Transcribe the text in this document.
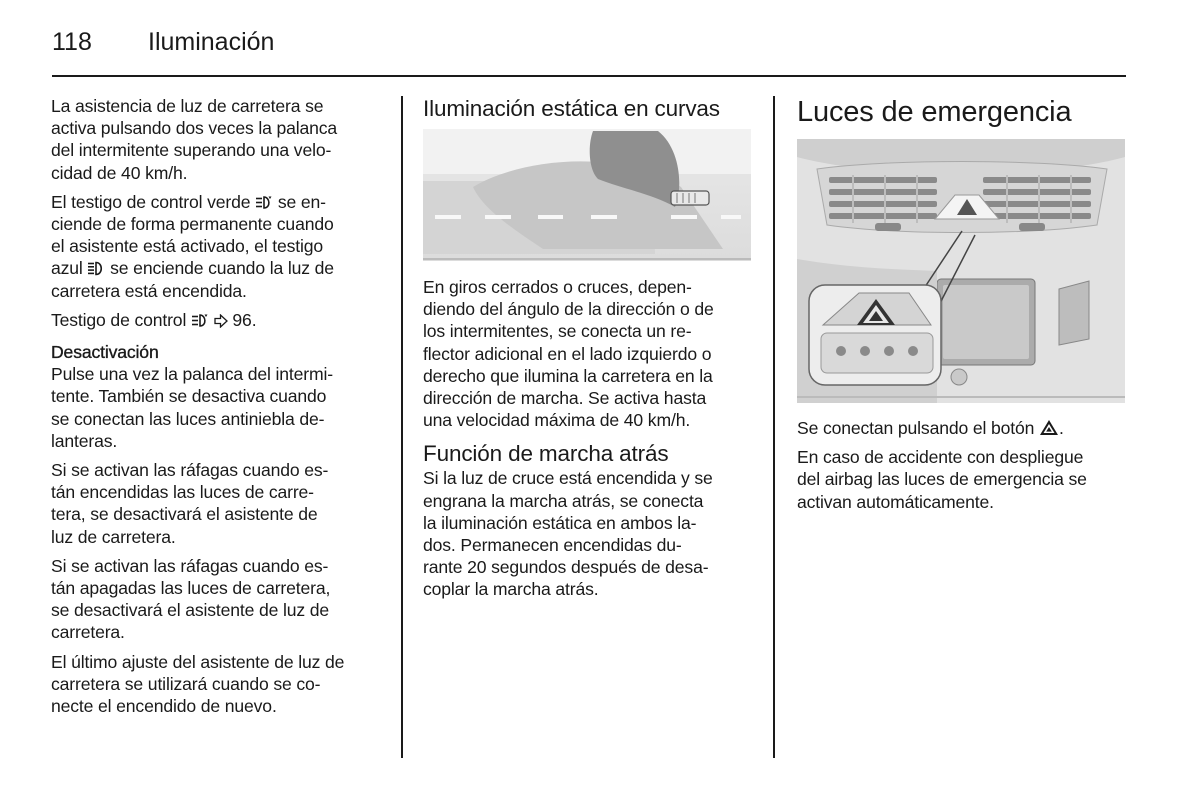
118 Iluminación
La asistencia de luz de carretera se
activa pulsando dos veces la palanca
del intermitente superando una velo-
cidad de 40 km/h.
El testigo de control verde  se en-
ciende de forma permanente cuando
el asistente está activado, el testigo
azul  se enciende cuando la luz de
carretera está encendida.
Testigo de control   96.
Desactivación
Pulse una vez la palanca del intermi-
tente. También se desactiva cuando
se conectan las luces antiniebla de-
lanteras.
Si se activan las ráfagas cuando es-
tán encendidas las luces de carre-
tera, se desactivará el asistente de
luz de carretera.
Si se activan las ráfagas cuando es-
tán apagadas las luces de carretera,
se desactivará el asistente de luz de
carretera.
El último ajuste del asistente de luz de
carretera se utilizará cuando se co-
necte el encendido de nuevo.
Iluminación estática en curvas
En giros cerrados o cruces, depen-
diendo del ángulo de la dirección o de
los intermitentes, se conecta un re-
flector adicional en el lado izquierdo o
derecho que ilumina la carretera en la
dirección de marcha. Se activa hasta
una velocidad máxima de 40 km/h.
Función de marcha atrás
Si la luz de cruce está encendida y se
engrana la marcha atrás, se conecta
la iluminación estática en ambos la-
dos. Permanecen encendidas du-
rante 20 segundos después de desa-
coplar la marcha atrás.
Luces de emergencia
Se conectan pulsando el botón .
En caso de accidente con despliegue
del airbag las luces de emergencia se
activan automáticamente.
